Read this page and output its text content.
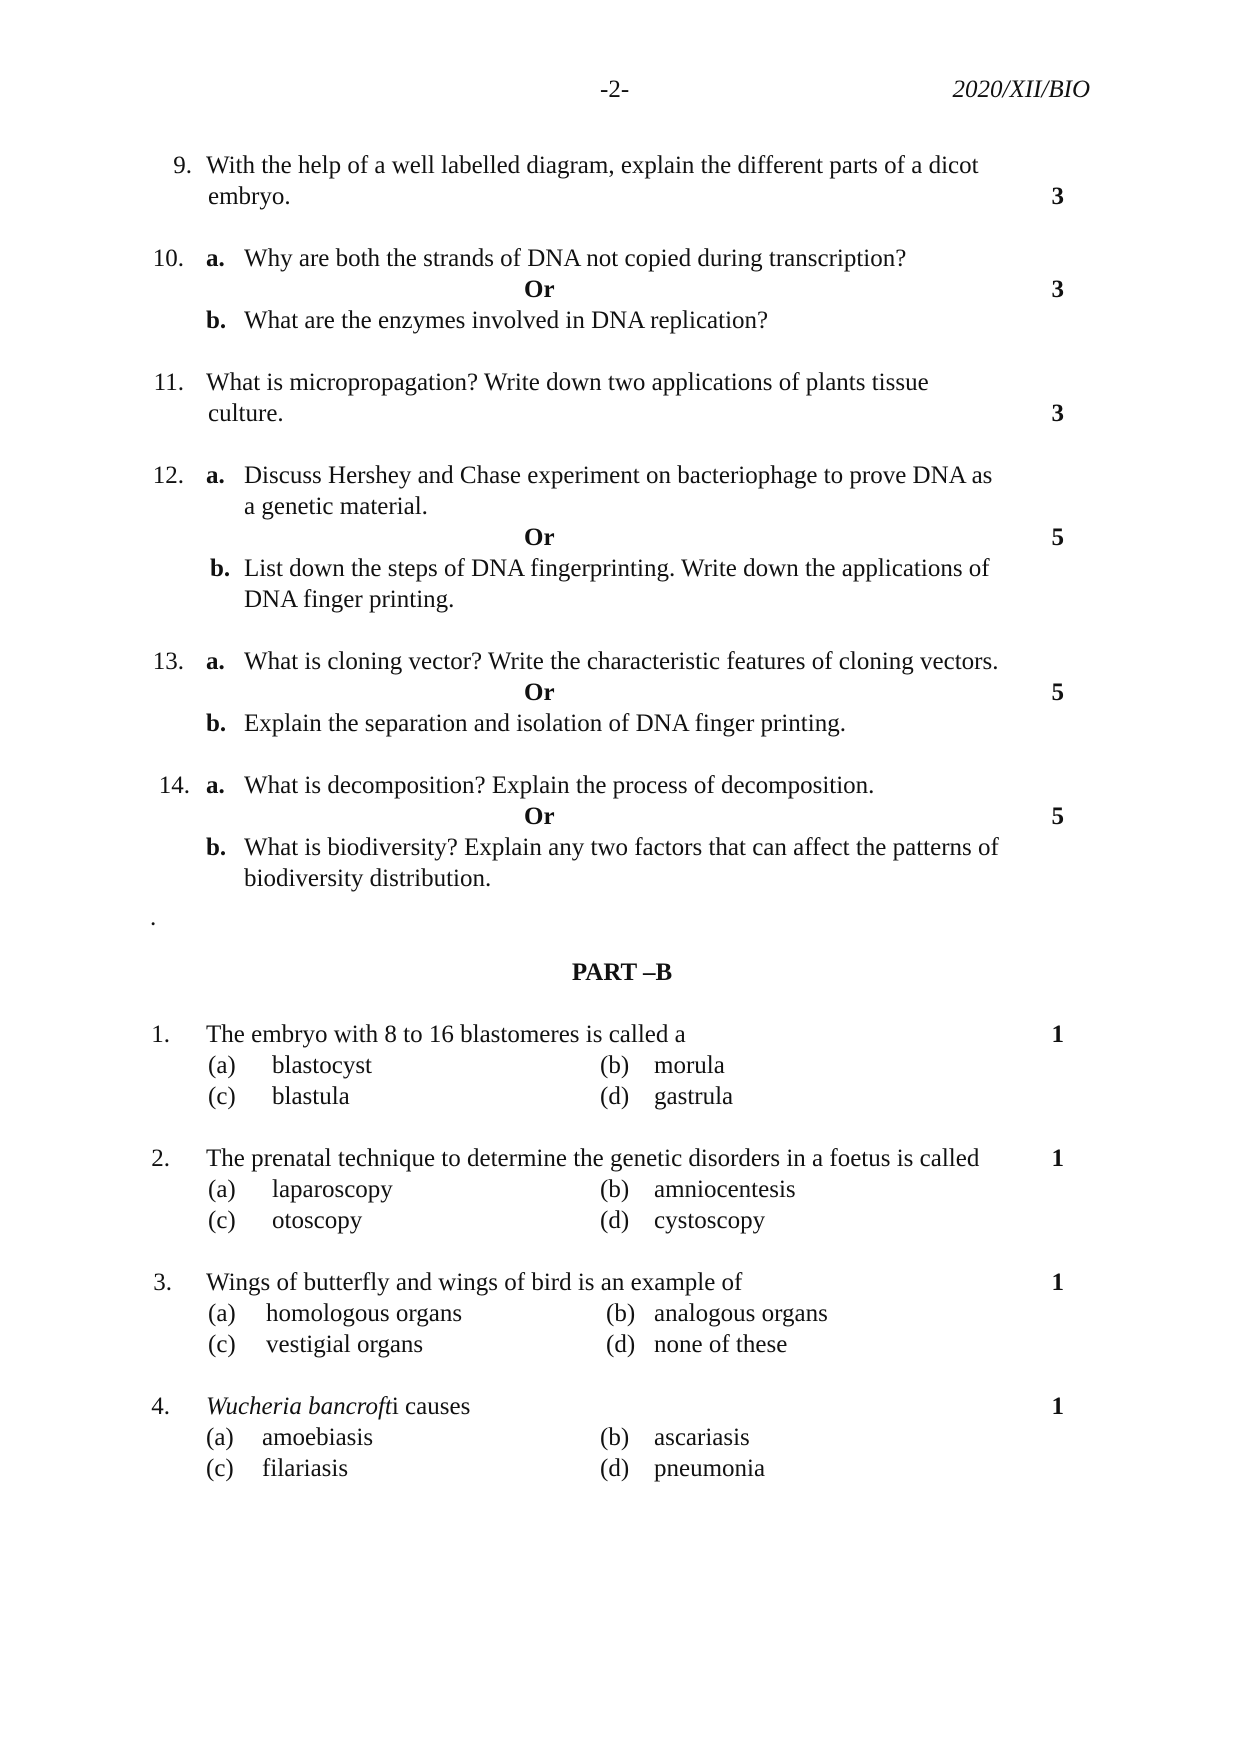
-2-	2020/XII/BIO
9. With the help of a well labelled diagram, explain the different parts of a dicot
embryo.	3
10. a. Why are both the strands of DNA not copied during transcription?
Or	3
b. What are the enzymes involved in DNA replication?
11. What is micropropagation? Write down two applications of plants tissue
culture.	3
12. a. Discuss Hershey and Chase experiment on bacteriophage to prove DNA as
a genetic material.
Or	5
b. List down the steps of DNA fingerprinting. Write down the applications of
DNA finger printing.
13. a. What is cloning vector? Write the characteristic features of cloning vectors.
Or	5
b. Explain the separation and isolation of DNA finger printing.
14. a. What is decomposition? Explain the process of decomposition.
Or	5
b. What is biodiversity? Explain any two factors that can affect the patterns of
biodiversity distribution.
.
PART –B
1. The embryo with 8 to 16 blastomeres is called a	1
(a) blastocyst	(b) morula
(c) blastula	(d) gastrula
2. The prenatal technique to determine the genetic disorders in a foetus is called	1
(a) laparoscopy	(b) amniocentesis
(c) otoscopy	(d) cystoscopy
3. Wings of butterfly and wings of bird is an example of	1
(a) homologous organs	(b) analogous organs
(c) vestigial organs	(d) none of these
4. Wucheria bancrofti causes	1
(a) amoebiasis	(b) ascariasis
(c) filariasis	(d) pneumonia
